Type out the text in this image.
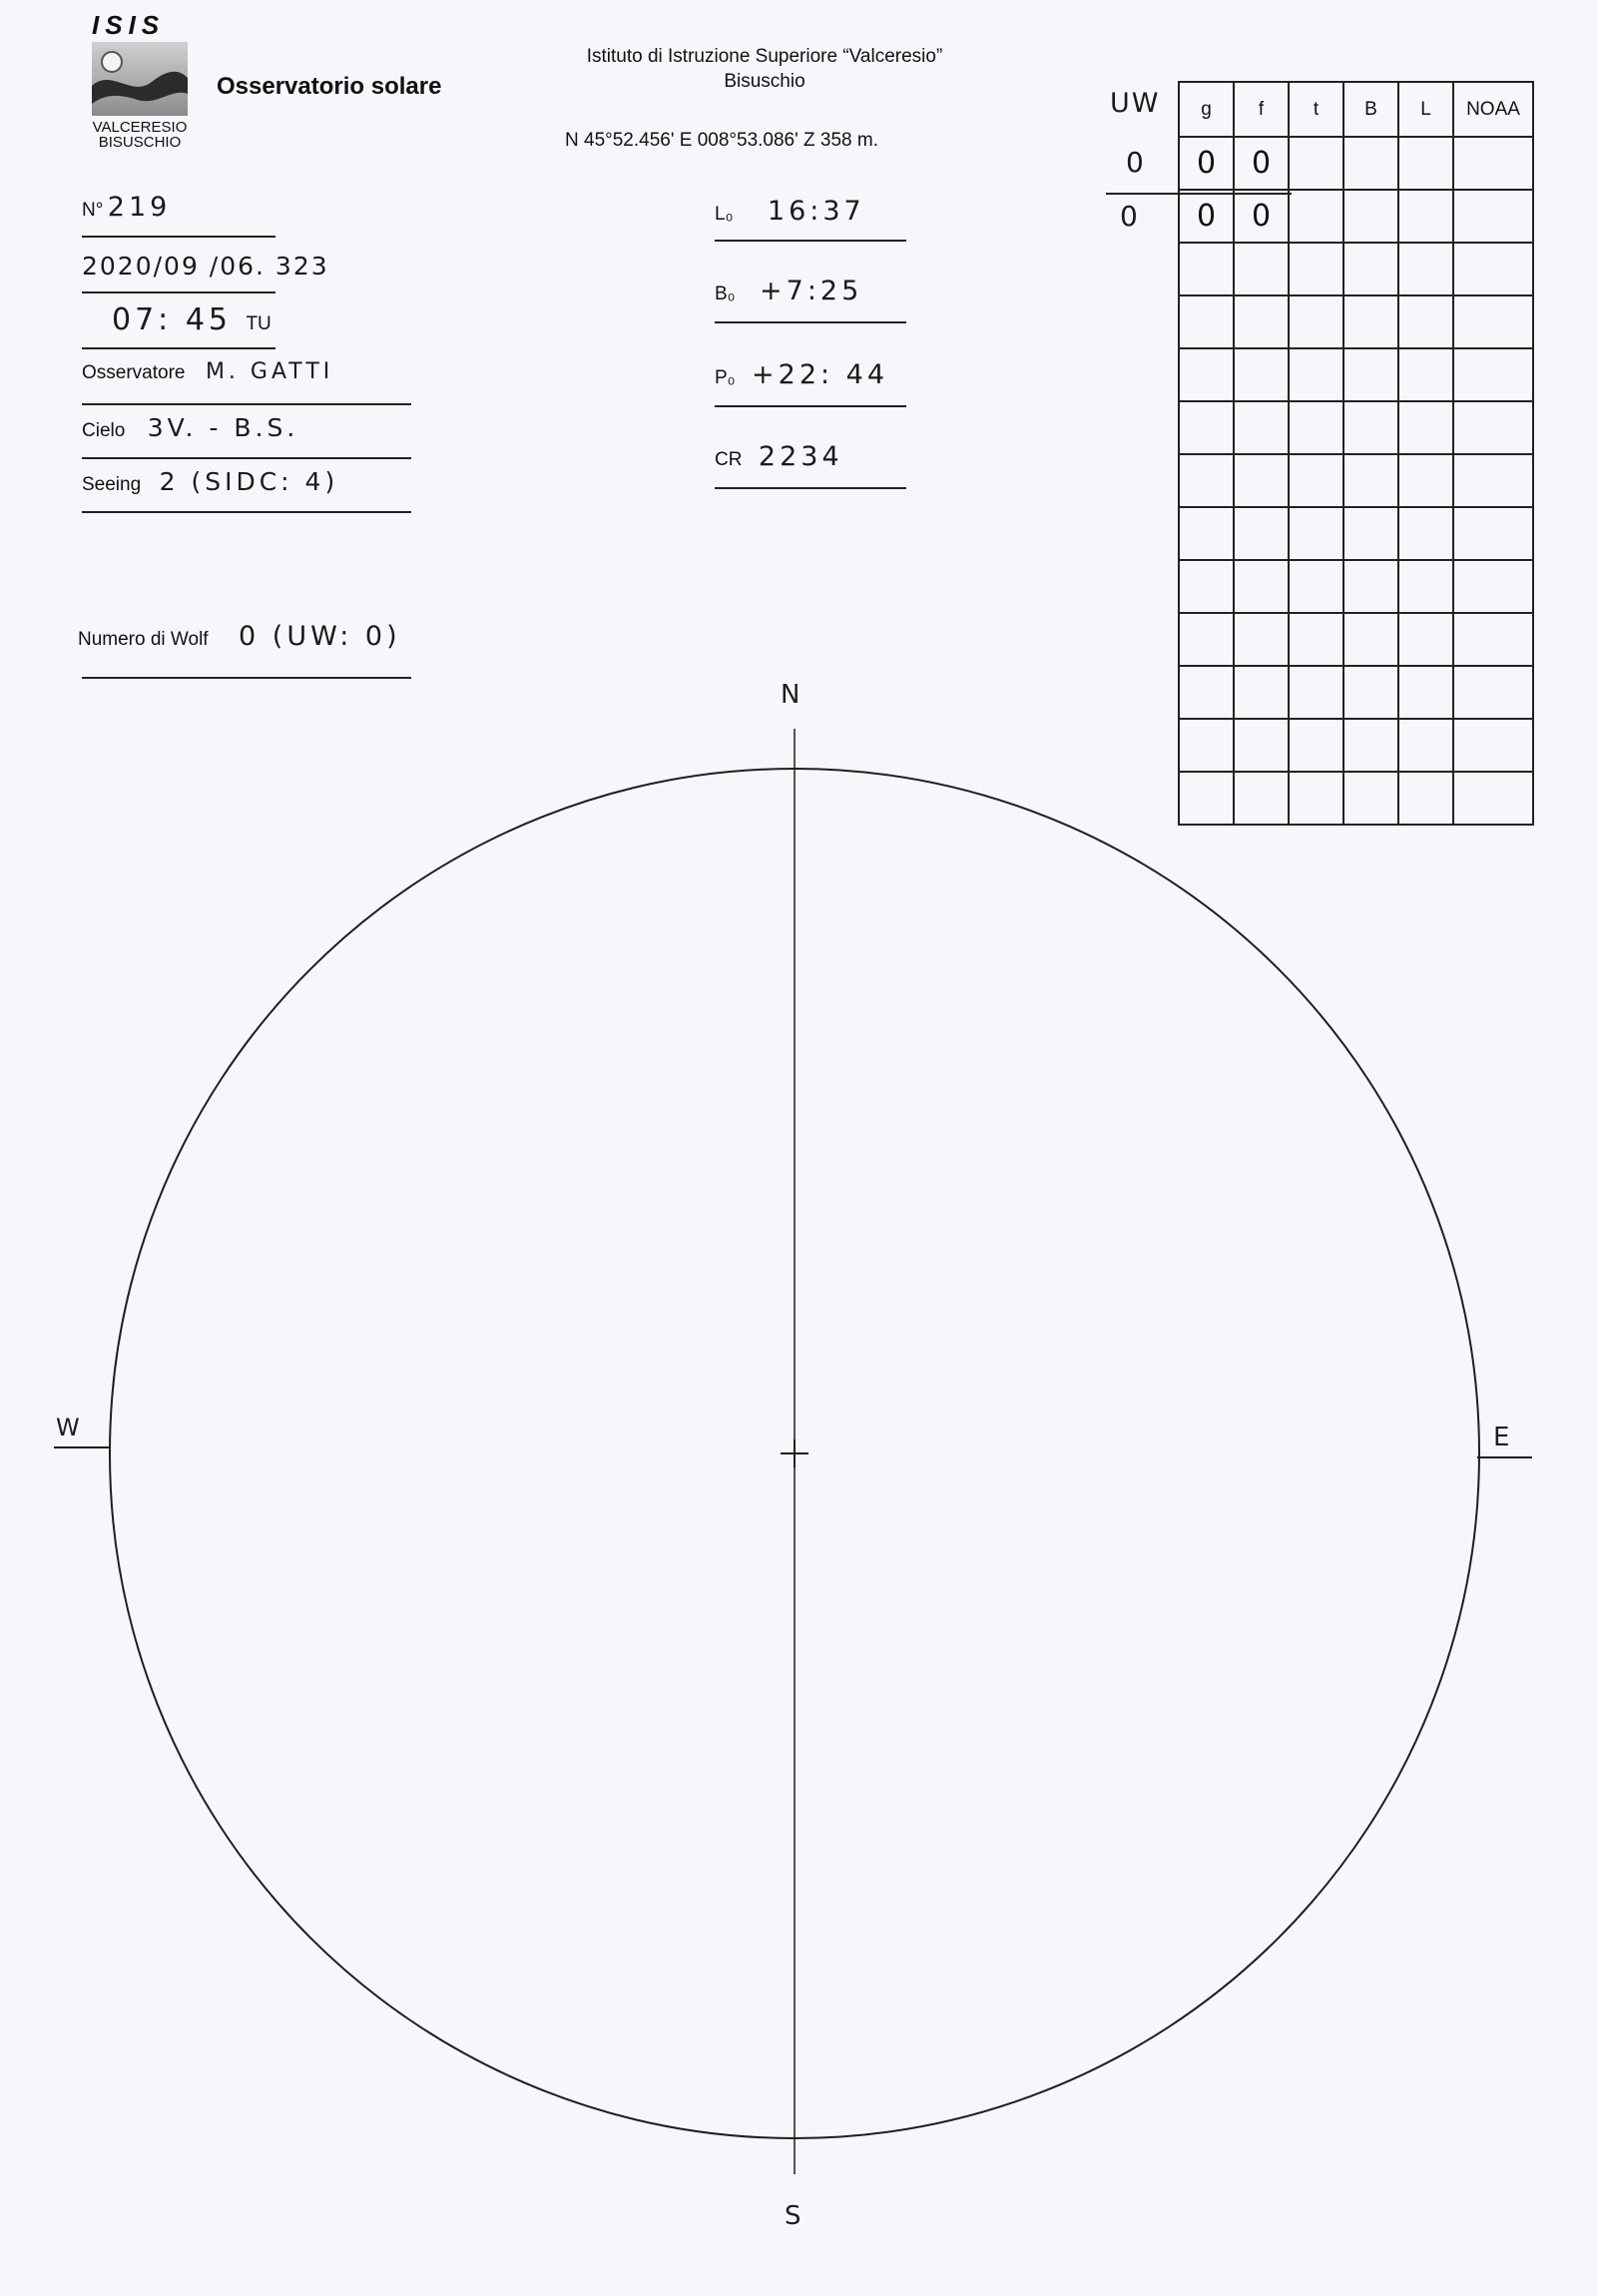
ISIS
VALCERESIO
BISUSCHIO
Osservatorio solare
Istituto di Istruzione Superiore “Valceresio”
Bisuschio
N 45°52.456' E 008°53.086' Z 358 m.
N° 219
2020/09 /06. 323
07: 45 TU
Osservatore M. GATTI
Cielo 3V. - B.S.
Seeing 2 (SIDC: 4)
Numero di Wolf 0 (UW: 0)
L₀ 16:37
B₀ +7:25
P₀ +22: 44
CR 2234
UW
0
0
g	f	t	B	L	NOAA
0	0				
0	0				

N
S
W	E
